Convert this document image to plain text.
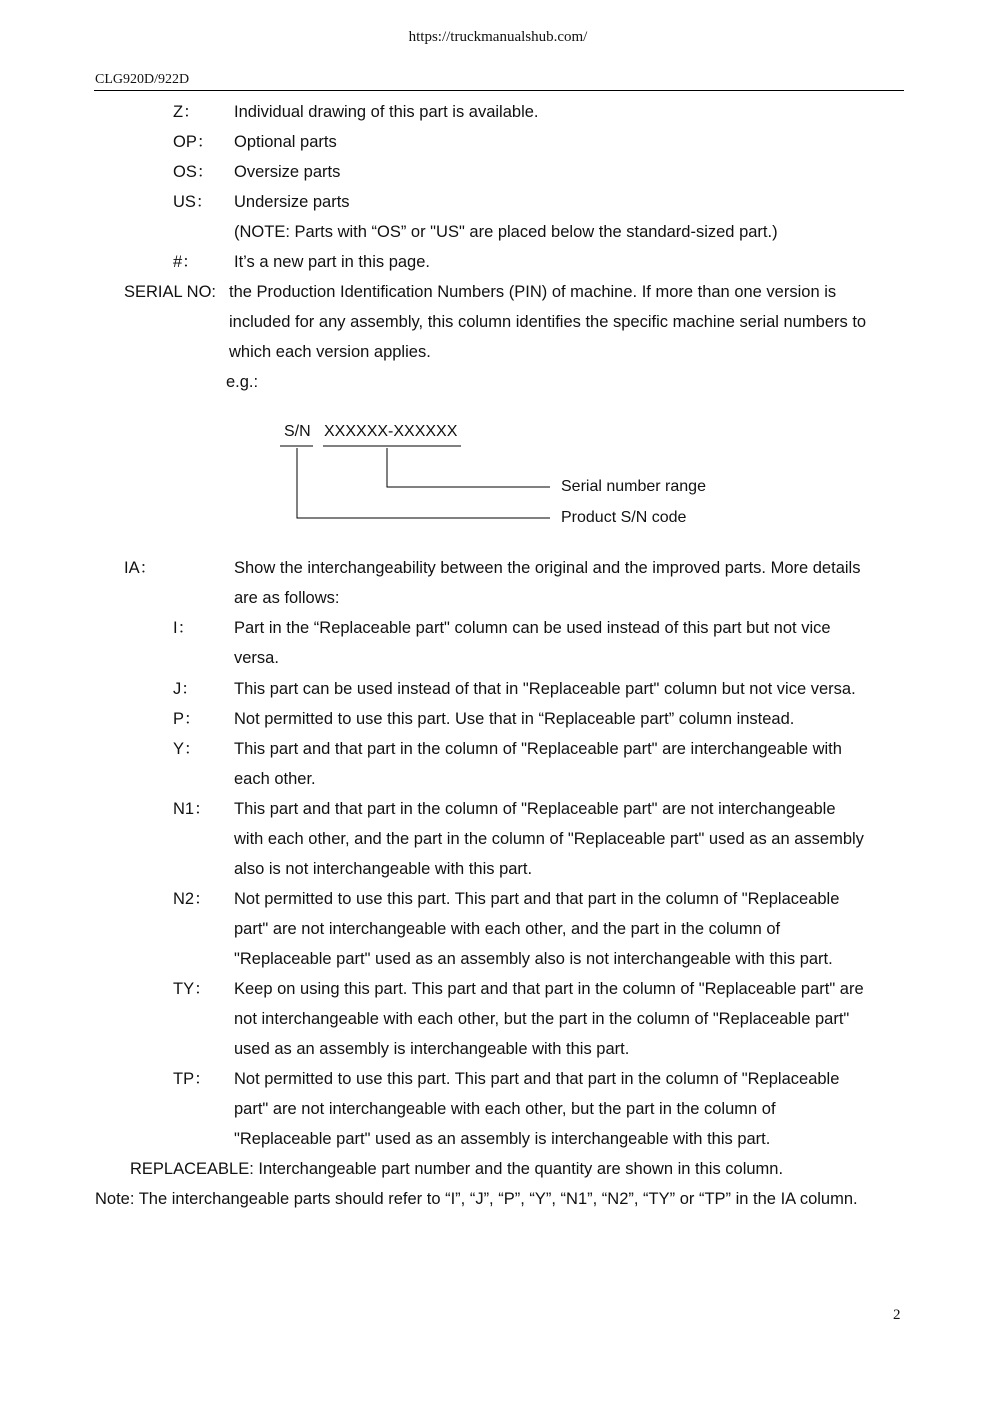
https://truckmanualshub.com/
CLG920D/922D
Z： Individual drawing of this part is available.
OP： Optional parts
OS： Oversize parts
US： Undersize parts
(NOTE: Parts with “OS” or "US" are placed below the standard-sized part.)
#： It’s a new part in this page.
SERIAL NO: the Production Identification Numbers (PIN) of machine. If more than one version is
included for any assembly, this column identifies the specific machine serial numbers to
which each version applies.
e.g.:
S/N XXXXXX-XXXXXX
Serial number range
Product S/N code
IA：	Show the interchangeability between the original and the improved parts. More details
are as follows:
I： Part in the “Replaceable part" column can be used instead of this part but not vice
versa.
J： This part can be used instead of that in "Replaceable part" column but not vice versa.
P： Not permitted to use this part. Use that in “Replaceable part” column instead.
Y： This part and that part in the column of "Replaceable part" are interchangeable with
each other.
N1： This part and that part in the column of "Replaceable part" are not interchangeable
with each other, and the part in the column of "Replaceable part" used as an assembly
also is not interchangeable with this part.
N2： Not permitted to use this part. This part and that part in the column of "Replaceable
part" are not interchangeable with each other, and the part in the column of
"Replaceable part" used as an assembly also is not interchangeable with this part.
TY： Keep on using this part. This part and that part in the column of "Replaceable part" are
not interchangeable with each other, but the part in the column of "Replaceable part"
used as an assembly is interchangeable with this part.
TP： Not permitted to use this part. This part and that part in the column of "Replaceable
part" are not interchangeable with each other, but the part in the column of
"Replaceable part" used as an assembly is interchangeable with this part.
REPLACEABLE: Interchangeable part number and the quantity are shown in this column.
Note: The interchangeable parts should refer to “I”, “J”, “P”, “Y”, “N1”, “N2”, “TY” or “TP” in the IA column.
2
